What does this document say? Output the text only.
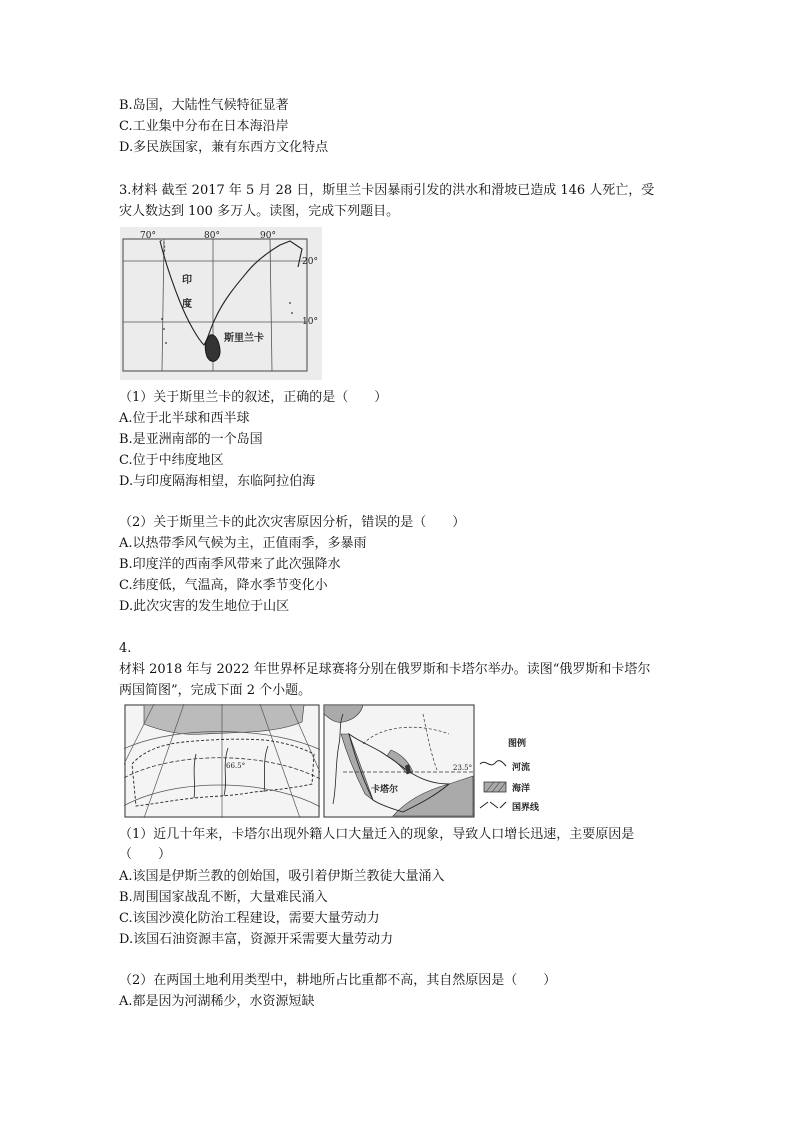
B.岛国，大陆性气候特征显著
C.工业集中分布在日本海沿岸
D.多民族国家，兼有东西方文化特点
3.材料 截至 2017 年 5 月 28 日，斯里兰卡因暴雨引发的洪水和滑坡已造成 146 人死亡，受
灾人数达到 100 多万人。读图，完成下列题目。
70°	80°	90°
20°
10°
印
度
斯里兰卡
（1）关于斯里兰卡的叙述，正确的是（　　）
A.位于北半球和西半球
B.是亚洲南部的一个岛国
C.位于中纬度地区
D.与印度隔海相望，东临阿拉伯海
（2）关于斯里兰卡的此次灾害原因分析，错误的是（　　）
A.以热带季风气候为主，正值雨季，多暴雨
B.印度洋的西南季风带来了此次强降水
C.纬度低，气温高，降水季节变化小
D.此次灾害的发生地位于山区
4.
材料 2018 年与 2022 年世界杯足球赛将分别在俄罗斯和卡塔尔举办。读图“俄罗斯和卡塔尔
两国简图”，完成下面 2 个小题。
66.5°
卡塔尔
23.5°
图例
河流
海洋
国界线
（1）近几十年来，卡塔尔出现外籍人口大量迁入的现象，导致人口增长迅速，主要原因是
（　　）
A.该国是伊斯兰教的创始国，吸引着伊斯兰教徒大量涌入
B.周围国家战乱不断，大量难民涌入
C.该国沙漠化防治工程建设，需要大量劳动力
D.该国石油资源丰富，资源开采需要大量劳动力
（2）在两国土地利用类型中，耕地所占比重都不高，其自然原因是（　　）
A.都是因为河湖稀少，水资源短缺
